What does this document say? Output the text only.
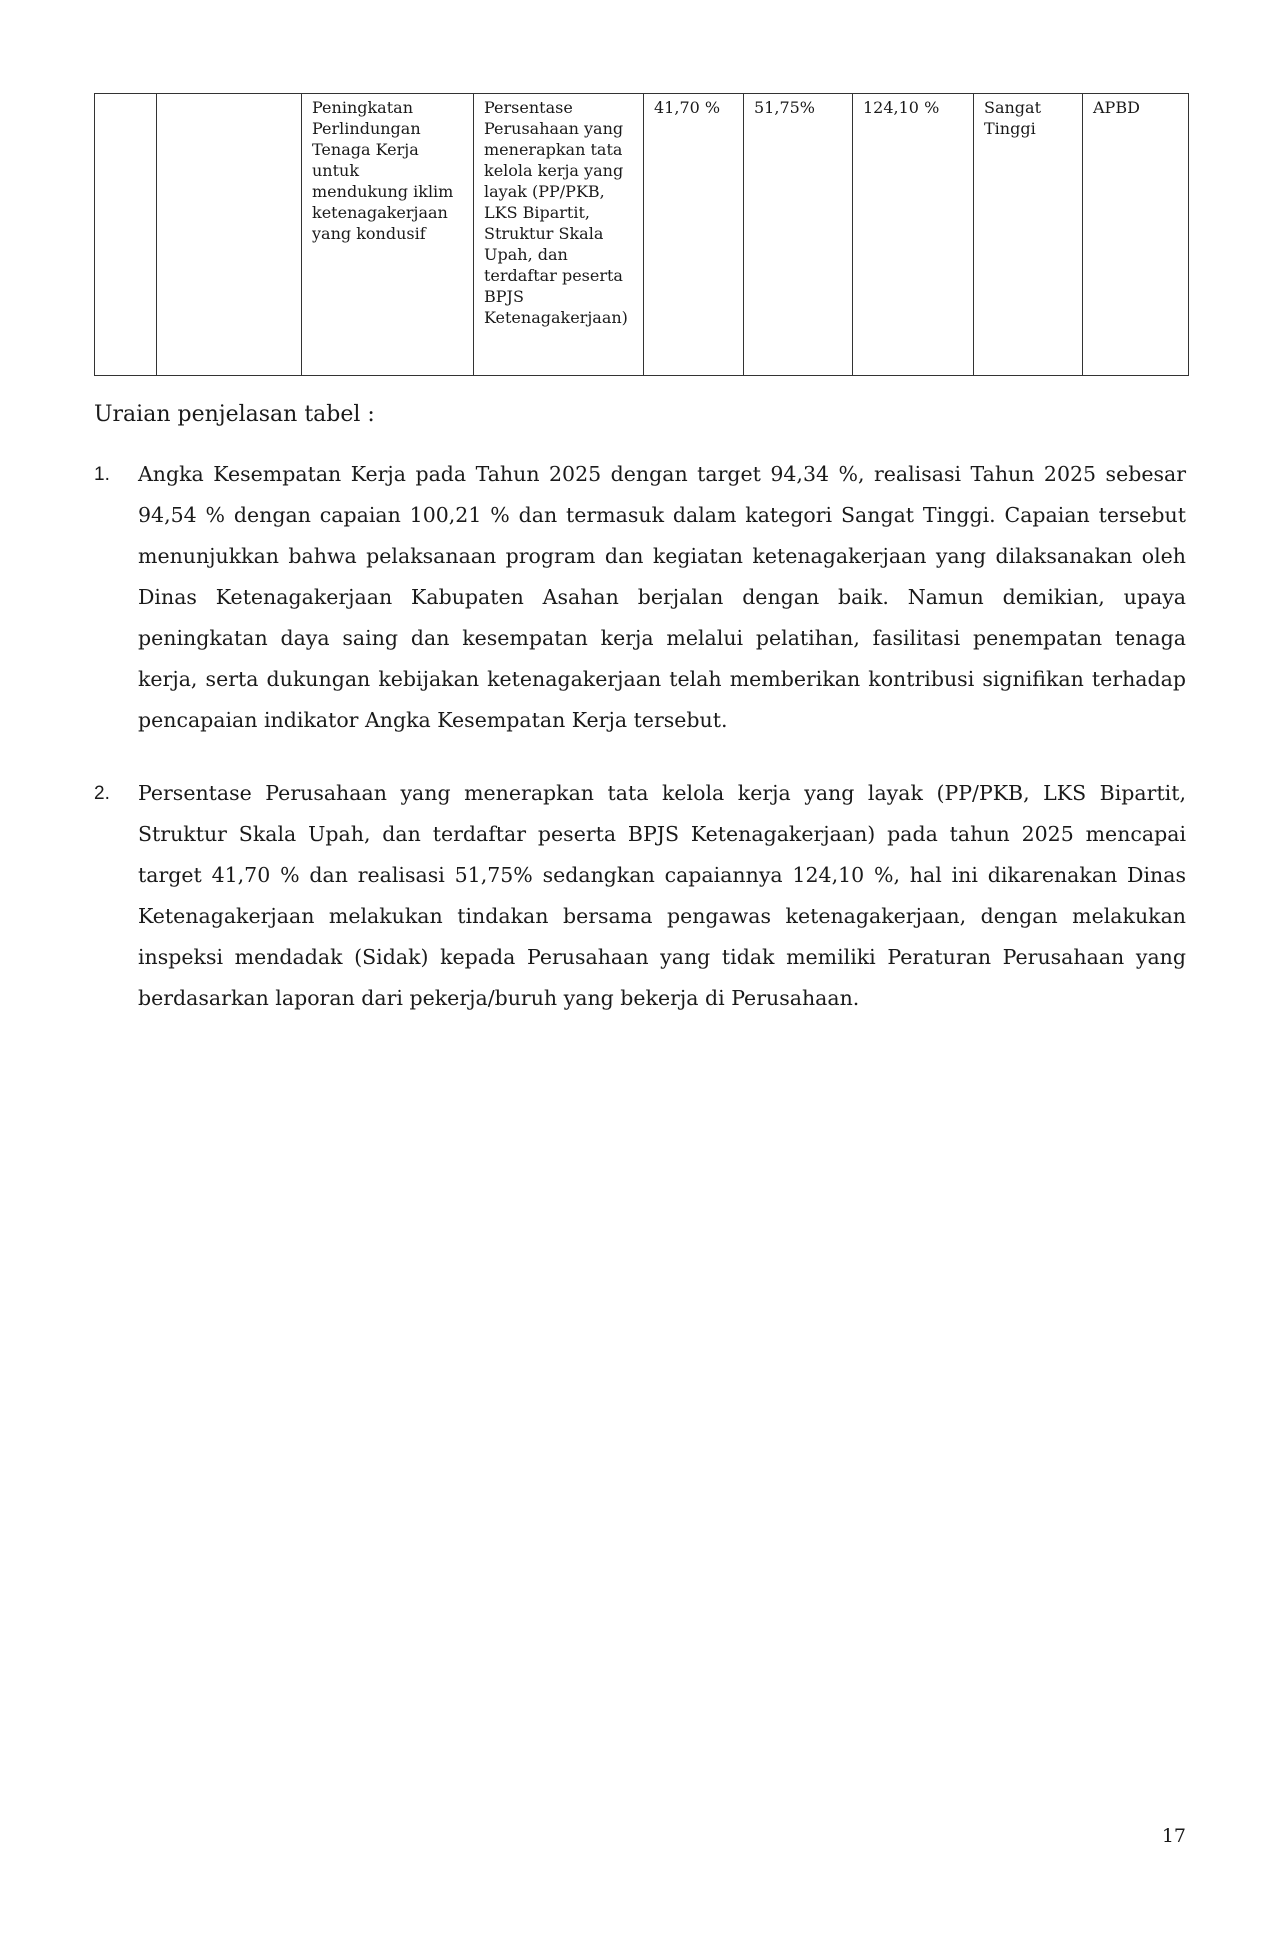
		Peningkatan
Perlindungan
Tenaga Kerja
untuk
mendukung iklim
ketenagakerjaan
yang kondusif	Persentase
Perusahaan yang
menerapkan tata
kelola kerja yang
layak (PP/PKB,
LKS Bipartit,
Struktur Skala
Upah, dan
terdaftar peserta
BPJS
Ketenagakerjaan)	41,70 %	51,75%	124,10 %	Sangat
Tinggi	APBD
Uraian penjelasan tabel :
1. Angka Kesempatan Kerja pada Tahun 2025 dengan target 94,34 %, realisasi Tahun 2025 sebesar 94,54 % dengan capaian 100,21 % dan termasuk dalam kategori Sangat Tinggi. Capaian tersebut menunjukkan bahwa pelaksanaan program dan kegiatan ketenagakerjaan yang dilaksanakan oleh Dinas Ketenagakerjaan Kabupaten Asahan berjalan dengan baik. Namun demikian, upaya peningkatan daya saing dan kesempatan kerja melalui pelatihan, fasilitasi penempatan tenaga kerja, serta dukungan kebijakan ketenagakerjaan telah memberikan kontribusi signifikan terhadap pencapaian indikator Angka Kesempatan Kerja tersebut.
2. Persentase Perusahaan yang menerapkan tata kelola kerja yang layak (PP/PKB, LKS Bipartit, Struktur Skala Upah, dan terdaftar peserta BPJS Ketenagakerjaan) pada tahun 2025 mencapai target 41,70 % dan realisasi 51,75% sedangkan capaiannya 124,10 %, hal ini dikarenakan Dinas Ketenagakerjaan melakukan tindakan bersama pengawas ketenagakerjaan, dengan melakukan inspeksi mendadak (Sidak) kepada Perusahaan yang tidak memiliki Peraturan Perusahaan yang berdasarkan laporan dari pekerja/buruh yang bekerja di Perusahaan.
17
